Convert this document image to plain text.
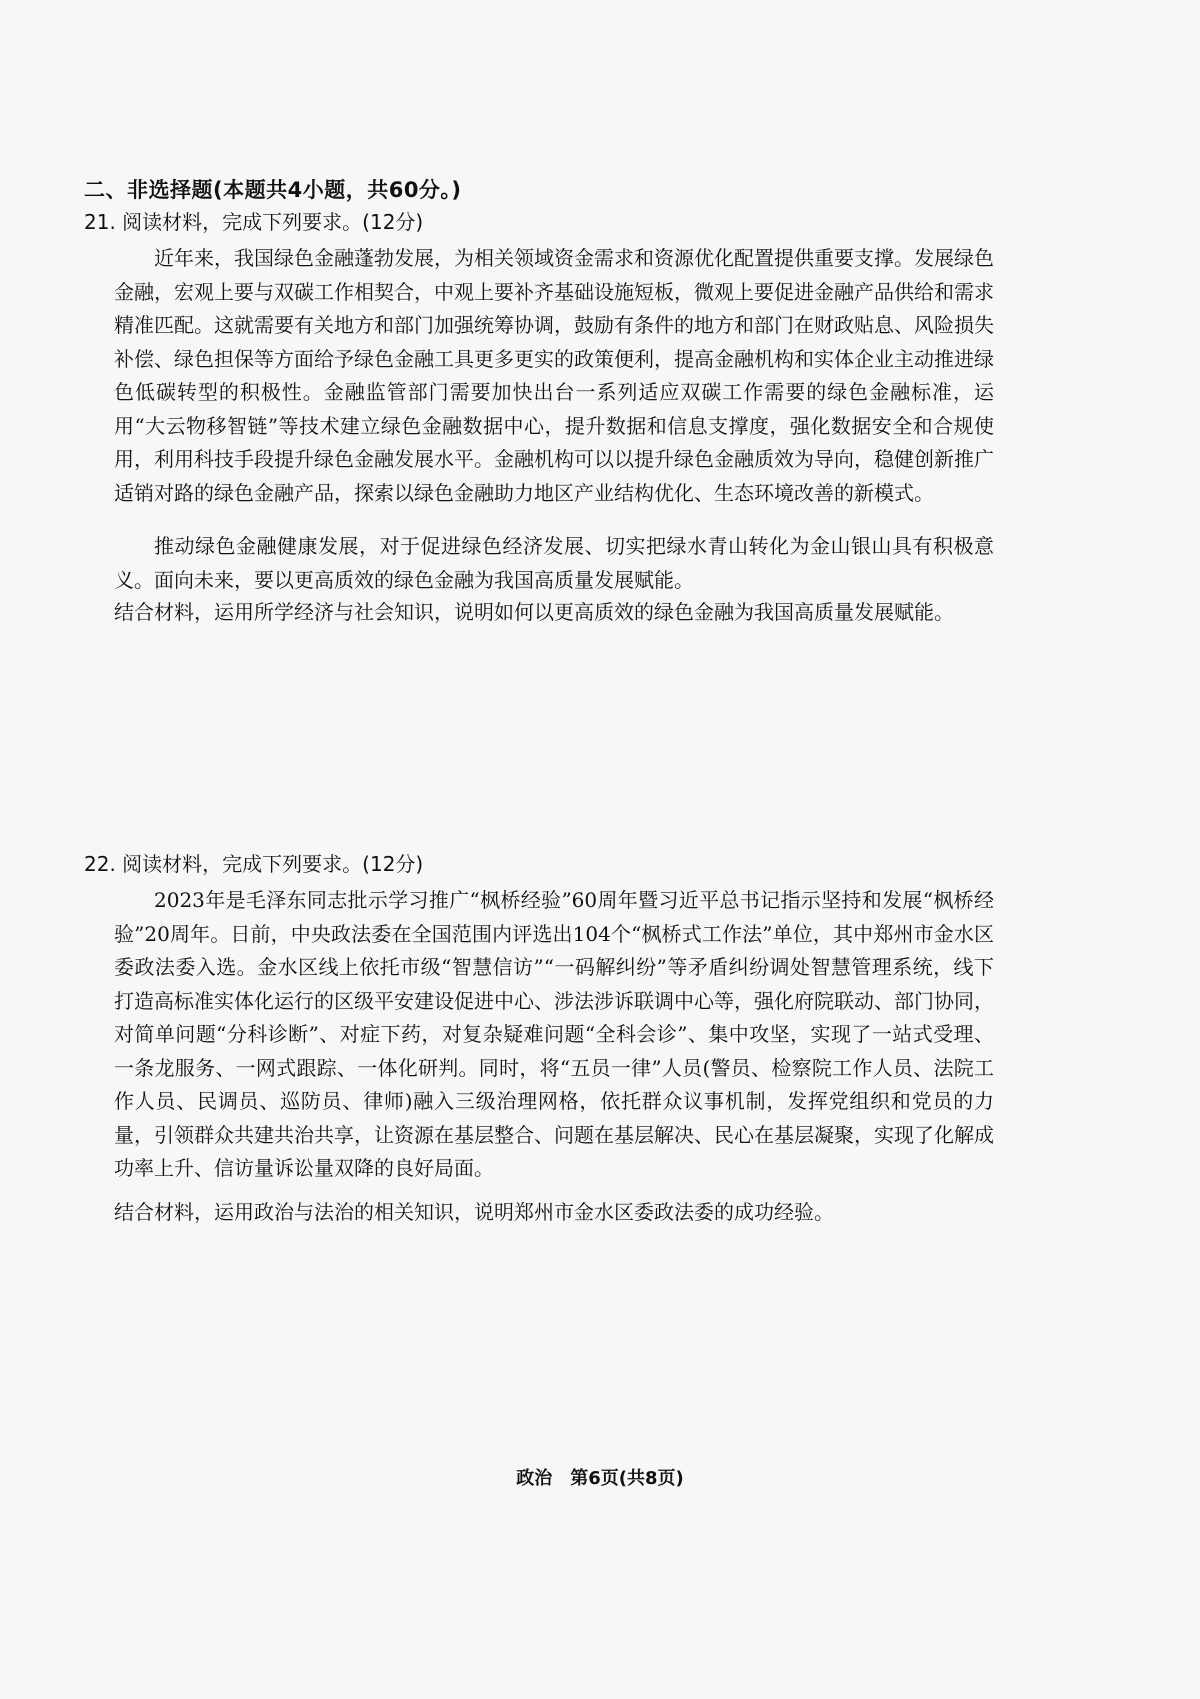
二、非选择题(本题共4小题，共60分。)
21. 阅读材料，完成下列要求。(12分)

近年来，我国绿色金融蓬勃发展，为相关领域资金需求和资源优化配置提供重要支撑。发展绿色金融，宏观上要与双碳工作相契合，中观上要补齐基础设施短板，微观上要促进金融产品供给和需求精准匹配。这就需要有关地方和部门加强统筹协调，鼓励有条件的地方和部门在财政贴息、风险损失补偿、绿色担保等方面给予绿色金融工具更多更实的政策便利，提高金融机构和实体企业主动推进绿色低碳转型的积极性。金融监管部门需要加快出台一系列适应双碳工作需要的绿色金融标准，运用“大云物移智链”等技术建立绿色金融数据中心，提升数据和信息支撑度，强化数据安全和合规使用，利用科技手段提升绿色金融发展水平。金融机构可以以提升绿色金融质效为导向，稳健创新推广适销对路的绿色金融产品，探索以绿色金融助力地区产业结构优化、生态环境改善的新模式。

推动绿色金融健康发展，对于促进绿色经济发展、切实把绿水青山转化为金山银山具有积极意义。面向未来，要以更高质效的绿色金融为我国高质量发展赋能。

结合材料，运用所学经济与社会知识，说明如何以更高质效的绿色金融为我国高质量发展赋能。
22. 阅读材料，完成下列要求。(12分)

2023年是毛泽东同志批示学习推广“枫桥经验”60周年暨习近平总书记指示坚持和发展“枫桥经验”20周年。日前，中央政法委在全国范围内评选出104个“枫桥式工作法”单位，其中郑州市金水区委政法委入选。金水区线上依托市级“智慧信访”“一码解纠纷”等矛盾纠纷调处智慧管理系统，线下打造高标准实体化运行的区级平安建设促进中心、涉法涉诉联调中心等，强化府院联动、部门协同，对简单问题“分科诊断”、对症下药，对复杂疑难问题“全科会诊”、集中攻坚，实现了一站式受理、一条龙服务、一网式跟踪、一体化研判。同时，将“五员一律”人员(警员、检察院工作人员、法院工作人员、民调员、巡防员、律师)融入三级治理网格，依托群众议事机制，发挥党组织和党员的力量，引领群众共建共治共享，让资源在基层整合、问题在基层解决、民心在基层凝聚，实现了化解成功率上升、信访量诉讼量双降的良好局面。

结合材料，运用政治与法治的相关知识，说明郑州市金水区委政法委的成功经验。
政治　第6页(共8页)
